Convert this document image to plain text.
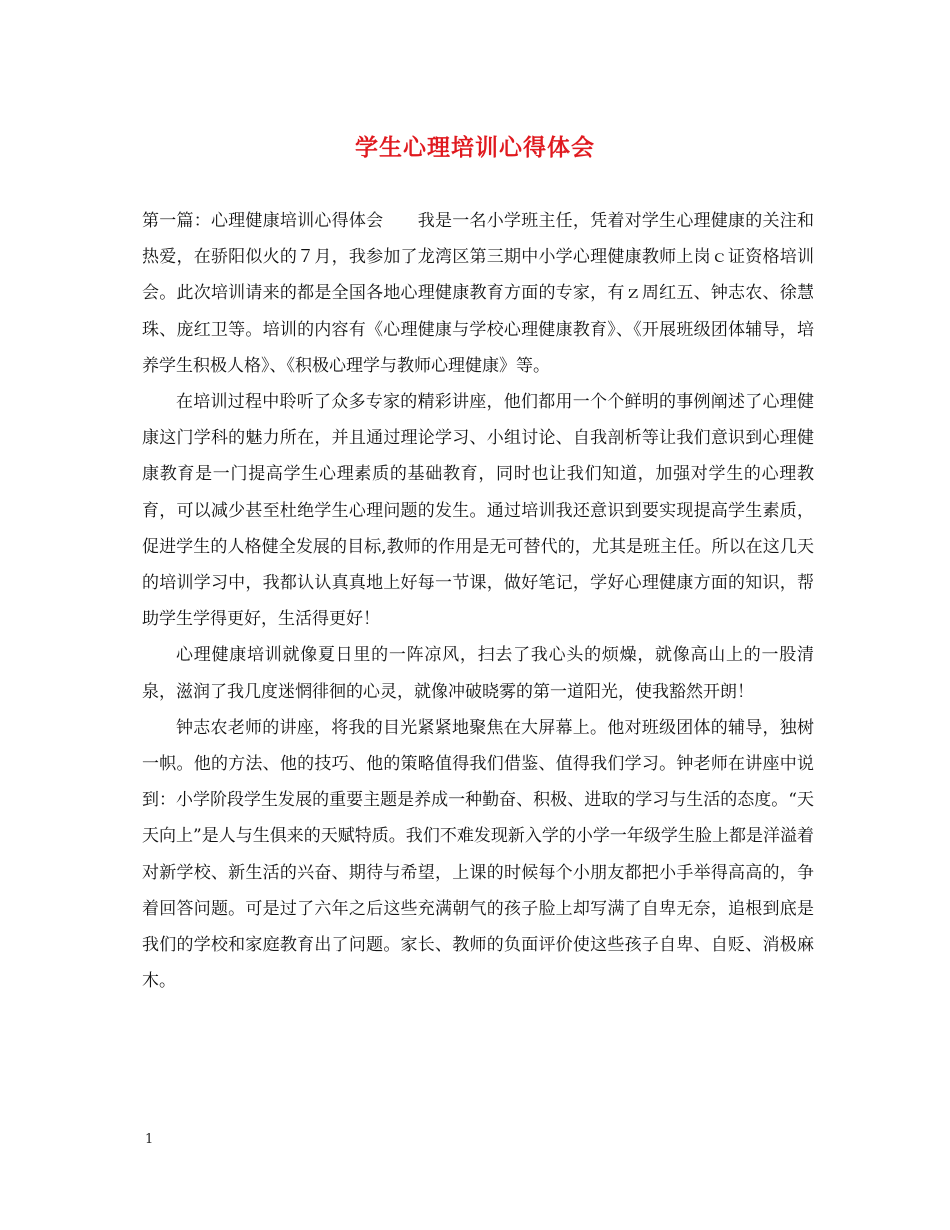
学生心理培训心得体会

第一篇：心理健康培训心得体会　　我是一名小学班主任，凭着对学生心理健康的关注和热爱，在骄阳似火的７月，我参加了龙湾区第三期中小学心理健康教师上岗ｃ证资格培训会。此次培训请来的都是全国各地心理健康教育方面的专家，有ｚ周红五、钟志农、徐慧珠、庞红卫等。培训的内容有《心理健康与学校心理健康教育》、《开展班级团体辅导，培养学生积极人格》、《积极心理学与教师心理健康》等。

在培训过程中聆听了众多专家的精彩讲座，他们都用一个个鲜明的事例阐述了心理健康这门学科的魅力所在，并且通过理论学习、小组讨论、自我剖析等让我们意识到心理健康教育是一门提高学生心理素质的基础教育，同时也让我们知道，加强对学生的心理教育，可以减少甚至杜绝学生心理问题的发生。通过培训我还意识到要实现提高学生素质，促进学生的人格健全发展的目标,教师的作用是无可替代的，尤其是班主任。所以在这几天的培训学习中，我都认认真真地上好每一节课，做好笔记，学好心理健康方面的知识，帮助学生学得更好，生活得更好！

心理健康培训就像夏日里的一阵凉风，扫去了我心头的烦燥，就像高山上的一股清泉，滋润了我几度迷惘徘徊的心灵，就像冲破晓雾的第一道阳光，使我豁然开朗！

钟志农老师的讲座，将我的目光紧紧地聚焦在大屏幕上。他对班级团体的辅导，独树一帜。他的方法、他的技巧、他的策略值得我们借鉴、值得我们学习。钟老师在讲座中说到：小学阶段学生发展的重要主题是养成一种勤奋、积极、进取的学习与生活的态度。“天天向上”是人与生俱来的天赋特质。我们不难发现新入学的小学一年级学生脸上都是洋溢着对新学校、新生活的兴奋、期待与希望，上课的时候每个小朋友都把小手举得高高的，争着回答问题。可是过了六年之后这些充满朝气的孩子脸上却写满了自卑无奈，追根到底是我们的学校和家庭教育出了问题。家长、教师的负面评价使这些孩子自卑、自贬、消极麻木。

1
